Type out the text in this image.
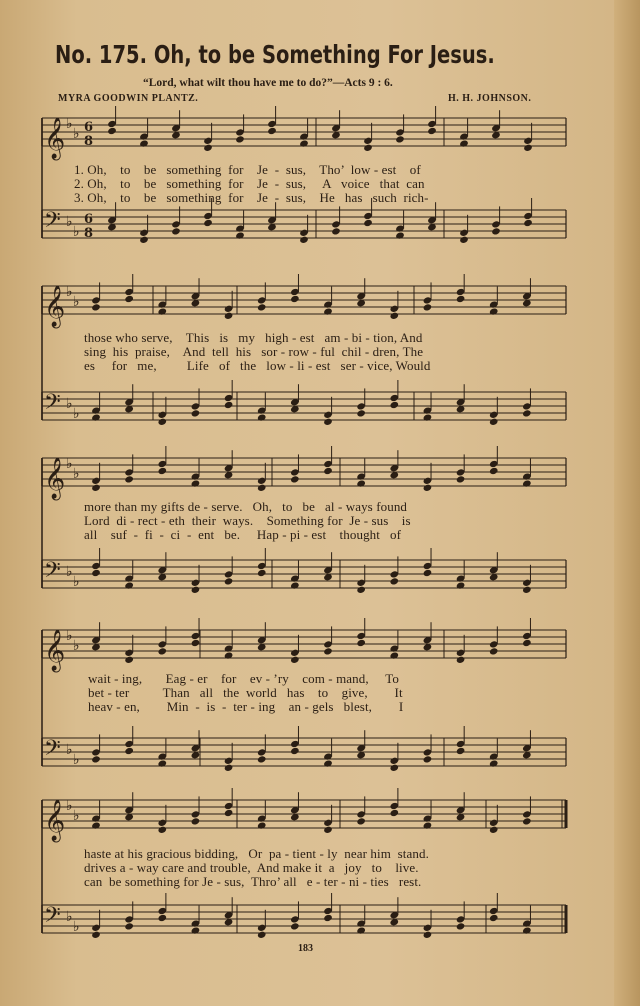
No. 175. Oh, to be Something For Jesus.
“Lord, what wilt thou have me to do?”—Acts 9 : 6.
MYRA GOODWIN PLANTZ.	H. H. JOHNSON.
𝄞 ♭
♭ 6
8
𝄢 ♭
♭
6
8
𝄞 ♭
♭
𝄢 ♭
♭
𝄞 ♭
♭
𝄢 ♭
♭
𝄞 ♭
♭
𝄢 ♭
♭
𝄞 ♭
♭
𝄢 ♭
♭
1. Oh,    to    be   something  for    Je  -  sus,    Tho’  low - est    of
2. Oh,    to    be   something  for    Je  -  sus,     A   voice   that  can
3. Oh,    to    be   something  for    Je  -  sus,    He   has   such  rich-
those who serve,    This   is   my   high - est   am - bi - tion, And
sing  his  praise,    And  tell  his   sor - row - ful  chil - dren, The
es     for   me,         Life   of   the   low - li - est   ser - vice, Would
more than my gifts de - serve.   Oh,   to   be   al - ways found
Lord  di - rect - eth  their  ways.    Something for  Je - sus    is
all    suf  -  fi  -  ci  -  ent   be.     Hap - pi - est    thought   of
wait - ing,       Eag - er    for    ev - ’ry    com - mand,     To
bet - ter          Than   all   the  world   has    to    give,        It
heav - en,        Min  -  is  -  ter - ing    an - gels   blest,        I
haste at his gracious bidding,   Or  pa - tient - ly  near him  stand.
drives a - way care and trouble,  And make it  a   joy   to    live.
can  be something for Je - sus,  Thro’ all   e - ter - ni - ties   rest.
183
